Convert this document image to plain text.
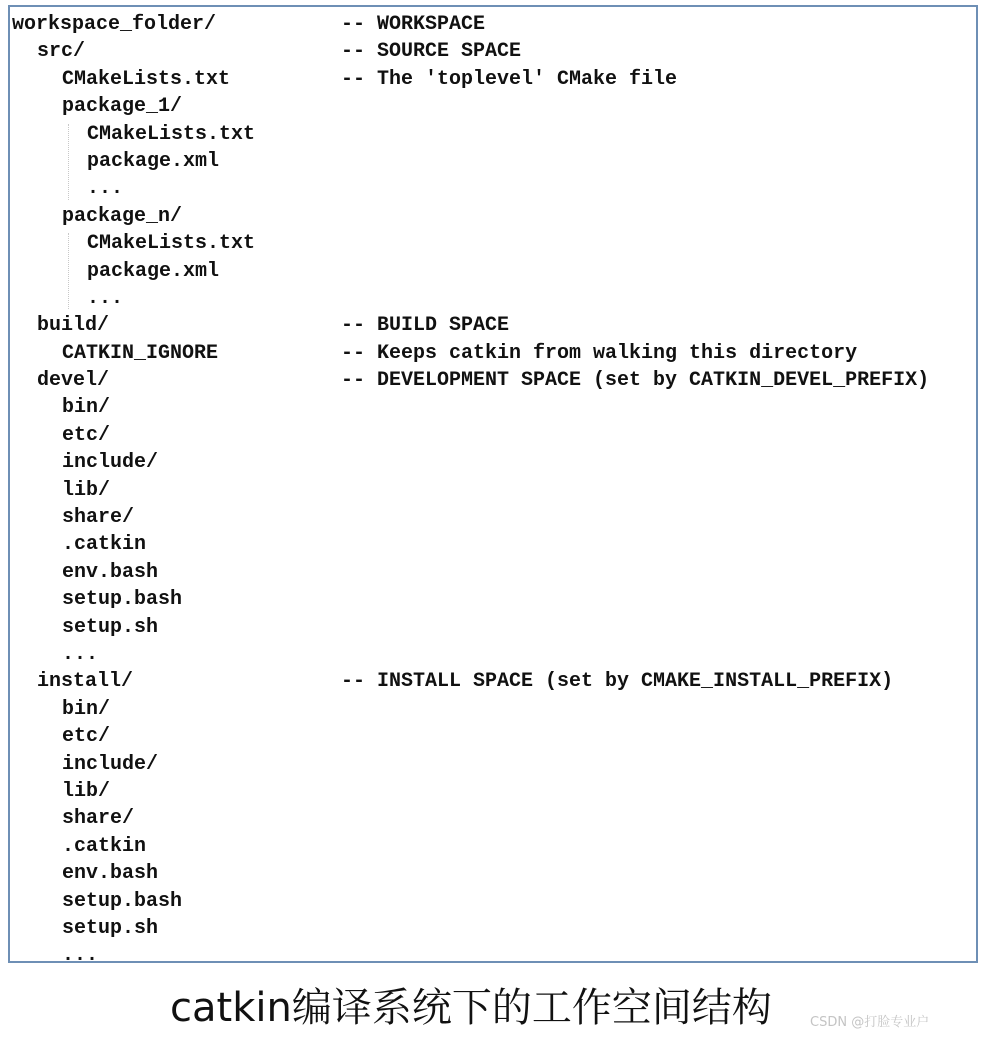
workspace_folder/	-- WORKSPACE
src/	-- SOURCE SPACE
CMakeLists.txt	-- The 'toplevel' CMake file
package_1/
CMakeLists.txt
package.xml
...
package_n/
CMakeLists.txt
package.xml
...
build/	-- BUILD SPACE
CATKIN_IGNORE	-- Keeps catkin from walking this directory
devel/	-- DEVELOPMENT SPACE (set by CATKIN_DEVEL_PREFIX)
bin/
etc/
include/
lib/
share/
.catkin
env.bash
setup.bash
setup.sh
...
install/	-- INSTALL SPACE (set by CMAKE_INSTALL_PREFIX)
bin/
etc/
include/
lib/
share/
.catkin
env.bash
setup.bash
setup.sh
...
catkin编译系统下的工作空间结构	CSDN @打脸专业户
